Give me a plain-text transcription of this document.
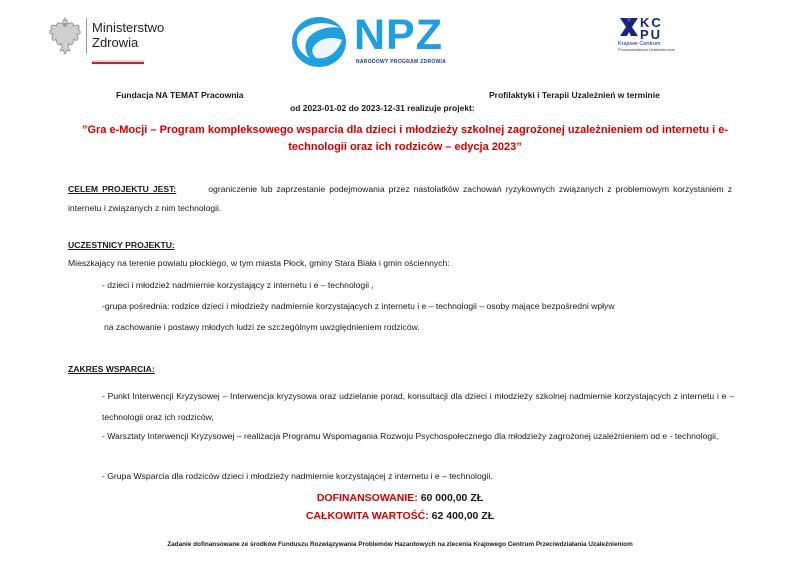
Ministerstwo
Zdrowia	NPZ
NARODOWY PROGRAM ZDROWIA
KC
PU
Krajowe Centrum
Przeciwdziałania Uzależnieniom
Fundacja NA TEMAT Pracownia	Profilaktyki i Terapii Uzależnień w terminie
od 2023-01-02 do 2023-12-31 realizuje projekt:
”Gra e-Mocji – Program kompleksowego wsparcia dla dzieci i młodzieży szkolnej zagrożonej uzależnieniem od internetu i e-technologii oraz ich rodziców – edycja 2023”
CELEM PROJEKTU JEST:	ograniczenie lub zaprzestanie podejmowania przez nastolatków zachowań ryzykownych związanych z problemowym korzystaniem z internetu i związanych z nim technologii.
UCZESTNICY PROJEKTU:
Mieszkający na terenie powiatu płockiego, w tym miasta Płock, gminy Stara Biała i gmin ościennych:
- dzieci i młodzież nadmiernie korzystający z internetu i e – technologii ,
-grupa pośrednia: rodzice dzieci i młodzieży nadmiernie korzystających z internetu i e – technologii – osoby mające bezpośredni wpływ
na zachowanie i postawy młodych ludzi ze szczególnym uwzględnieniem rodziców.
ZAKRES WSPARCIA:
- Punkt Interwencji Kryzysowej – Interwencja kryzysowa oraz udzielanie porad, konsultacji dla dzieci i młodzieży szkolnej nadmiernie korzystających z internetu i e – technologii oraz ich rodziców,
- Warsztaty Interwencji Kryzysowej – realizacja Programu Wspomagania Rozwoju Psychospołecznego dla młodzieży zagrożonej uzależnieniem od e - technologii,
- Grupa Wsparcia dla rodziców dzieci i młodzieży nadmiernie korzystającej z internetu i e – technologii.
DOFINANSOWANIE: 60 000,00 ZŁ
CAŁKOWITA WARTOŚĆ: 62 400,00 ZŁ
Zadanie dofinansowane ze środków Funduszu Rozwiązywania Problemów Hazardowych na zlecenia Krajowego Centrum Przeciwdziałania Uzależnieniom
